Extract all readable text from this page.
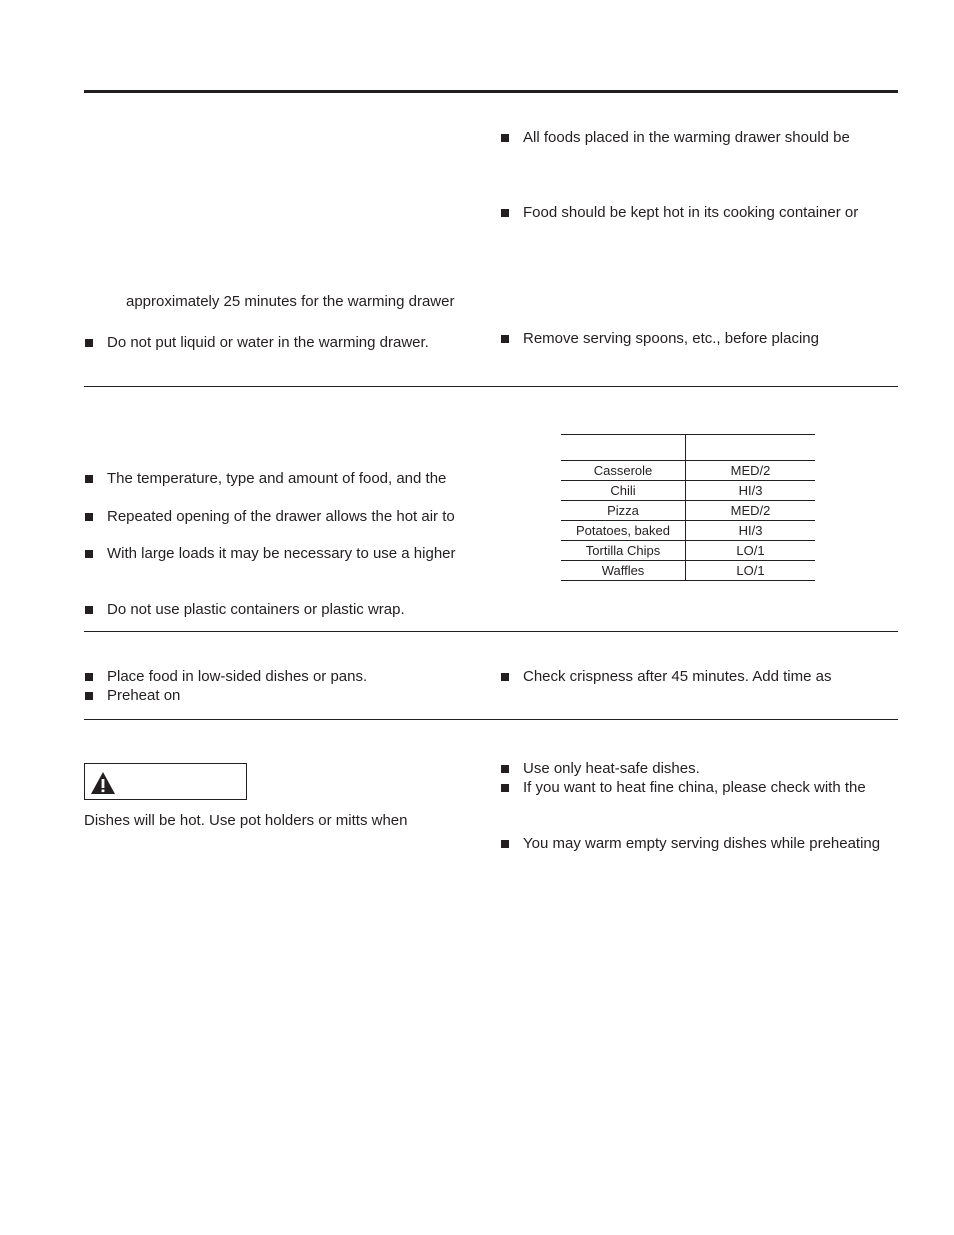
approximately 25 minutes for the warming drawer
Do not put liquid or water in the warming drawer.
All foods placed in the warming drawer should be
Food should be kept hot in its cooking container or
Remove serving spoons, etc., before placing
The temperature, type and amount of food, and the
Repeated opening of the drawer allows the hot air to
With large loads it may be necessary to use a higher
Do not use plastic containers or plastic wrap.

Casserole	MED/2
Chili	HI/3
Pizza	MED/2
Potatoes, baked	HI/3
Tortilla Chips	LO/1
Waffles	LO/1
Place food in low-sided dishes or pans.
Preheat on
Check crispness after 45 minutes. Add time as
Dishes will be hot. Use pot holders or mitts when
Use only heat-safe dishes.
If you want to heat fine china, please check with the
You may warm empty serving dishes while preheating
